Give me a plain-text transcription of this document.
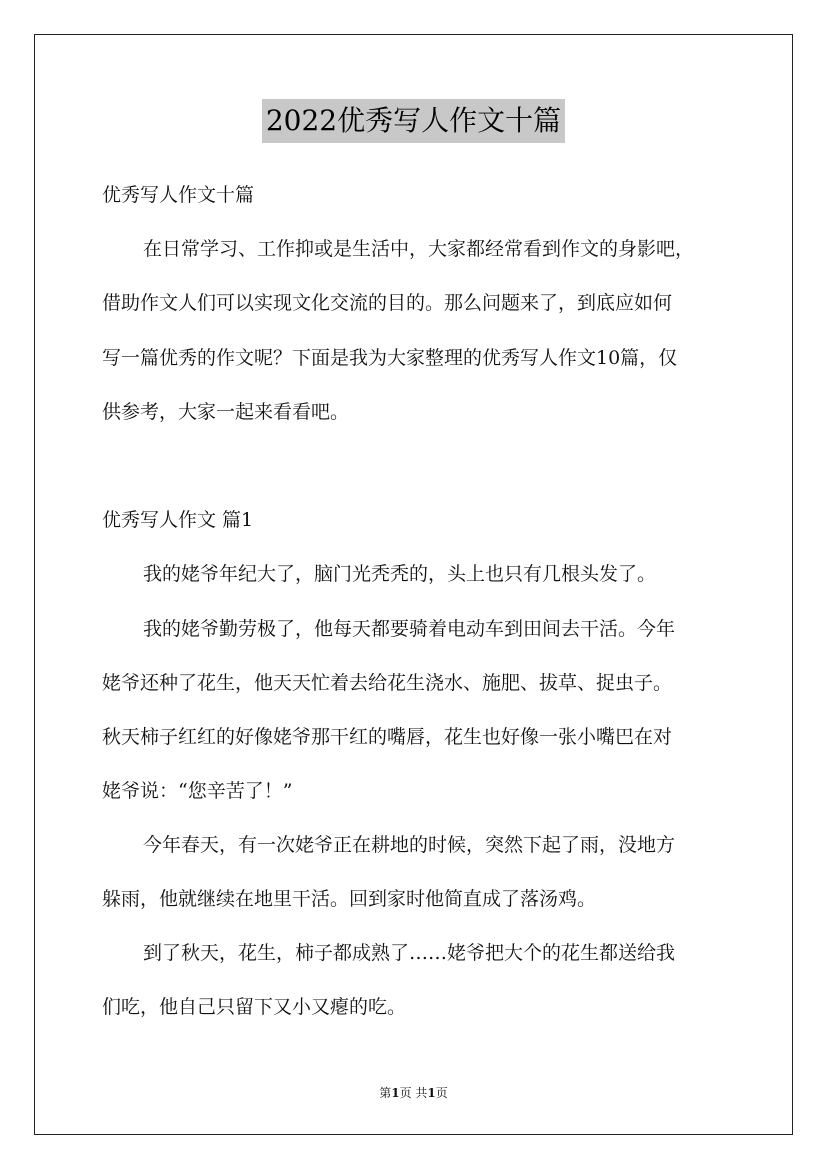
2022优秀写人作文十篇
优秀写人作文十篇
在日常学习、工作抑或是生活中，大家都经常看到作文的身影吧，
借助作文人们可以实现文化交流的目的。那么问题来了，到底应如何
写一篇优秀的作文呢？下面是我为大家整理的优秀写人作文10篇，仅
供参考，大家一起来看看吧。
优秀写人作文 篇1
我的姥爷年纪大了，脑门光秃秃的，头上也只有几根头发了。
我的姥爷勤劳极了，他每天都要骑着电动车到田间去干活。今年
姥爷还种了花生，他天天忙着去给花生浇水、施肥、拔草、捉虫子。
秋天柿子红红的好像姥爷那干红的嘴唇，花生也好像一张小嘴巴在对
姥爷说：“您辛苦了！”
今年春天，有一次姥爷正在耕地的时候，突然下起了雨，没地方
躲雨，他就继续在地里干活。回到家时他简直成了落汤鸡。
到了秋天，花生，柿子都成熟了……姥爷把大个的花生都送给我
们吃，他自己只留下又小又瘪的吃。
第1页 共1页
